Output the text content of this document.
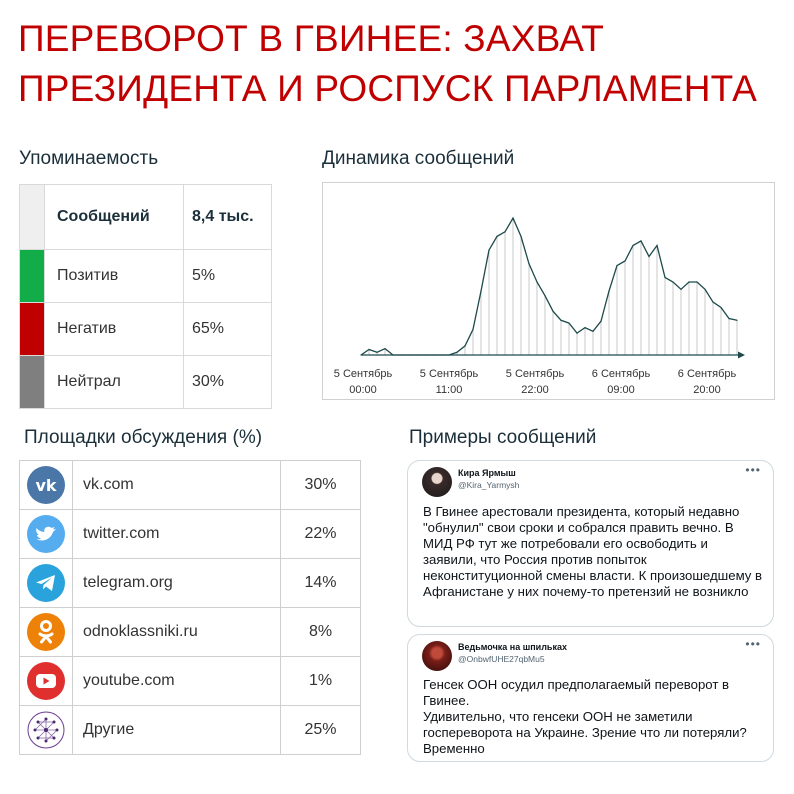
ПЕРЕВОРОТ В ГВИНЕЕ: ЗАХВАТ
ПРЕЗИДЕНТА И РОСПУСК ПАРЛАМЕНТА
Упоминаемость
	Сообщений	8,4 тыс.
	Позитив	5%
	Негатив	65%
	Нейтрал	30%
Динамика сообщений
5 Сентябрь
00:00
5 Сентябрь
11:00
5 Сентябрь
22:00
6 Сентябрь
09:00
6 Сентябрь
20:00
Площадки обсуждения (%)
vk	vk.com	30%
	twitter.com	22%
	telegram.org	14%
	odnoklassniki.ru	8%
	youtube.com	1%
	Другие	25%
Примеры сообщений
Кира Ярмыш
@Kira_Yarmysh
•••
В Гвинее арестовали президента, который недавно "обнулил" свои сроки и собрался править вечно. В МИД РФ тут же потребовали его освободить и заявили, что Россия против попыток неконституционной смены власти. К произошедшему в Афганистане у них почему-то претензий не возникло
Ведьмочка на шпильках
@OnbwfUHE27qbMu5
•••
Генсек ООН осудил предполагаемый переворот в Гвинее.
Удивительно, что генсеки ООН не заметили госпереворота на Украине. Зрение что ли потеряли? Временно
